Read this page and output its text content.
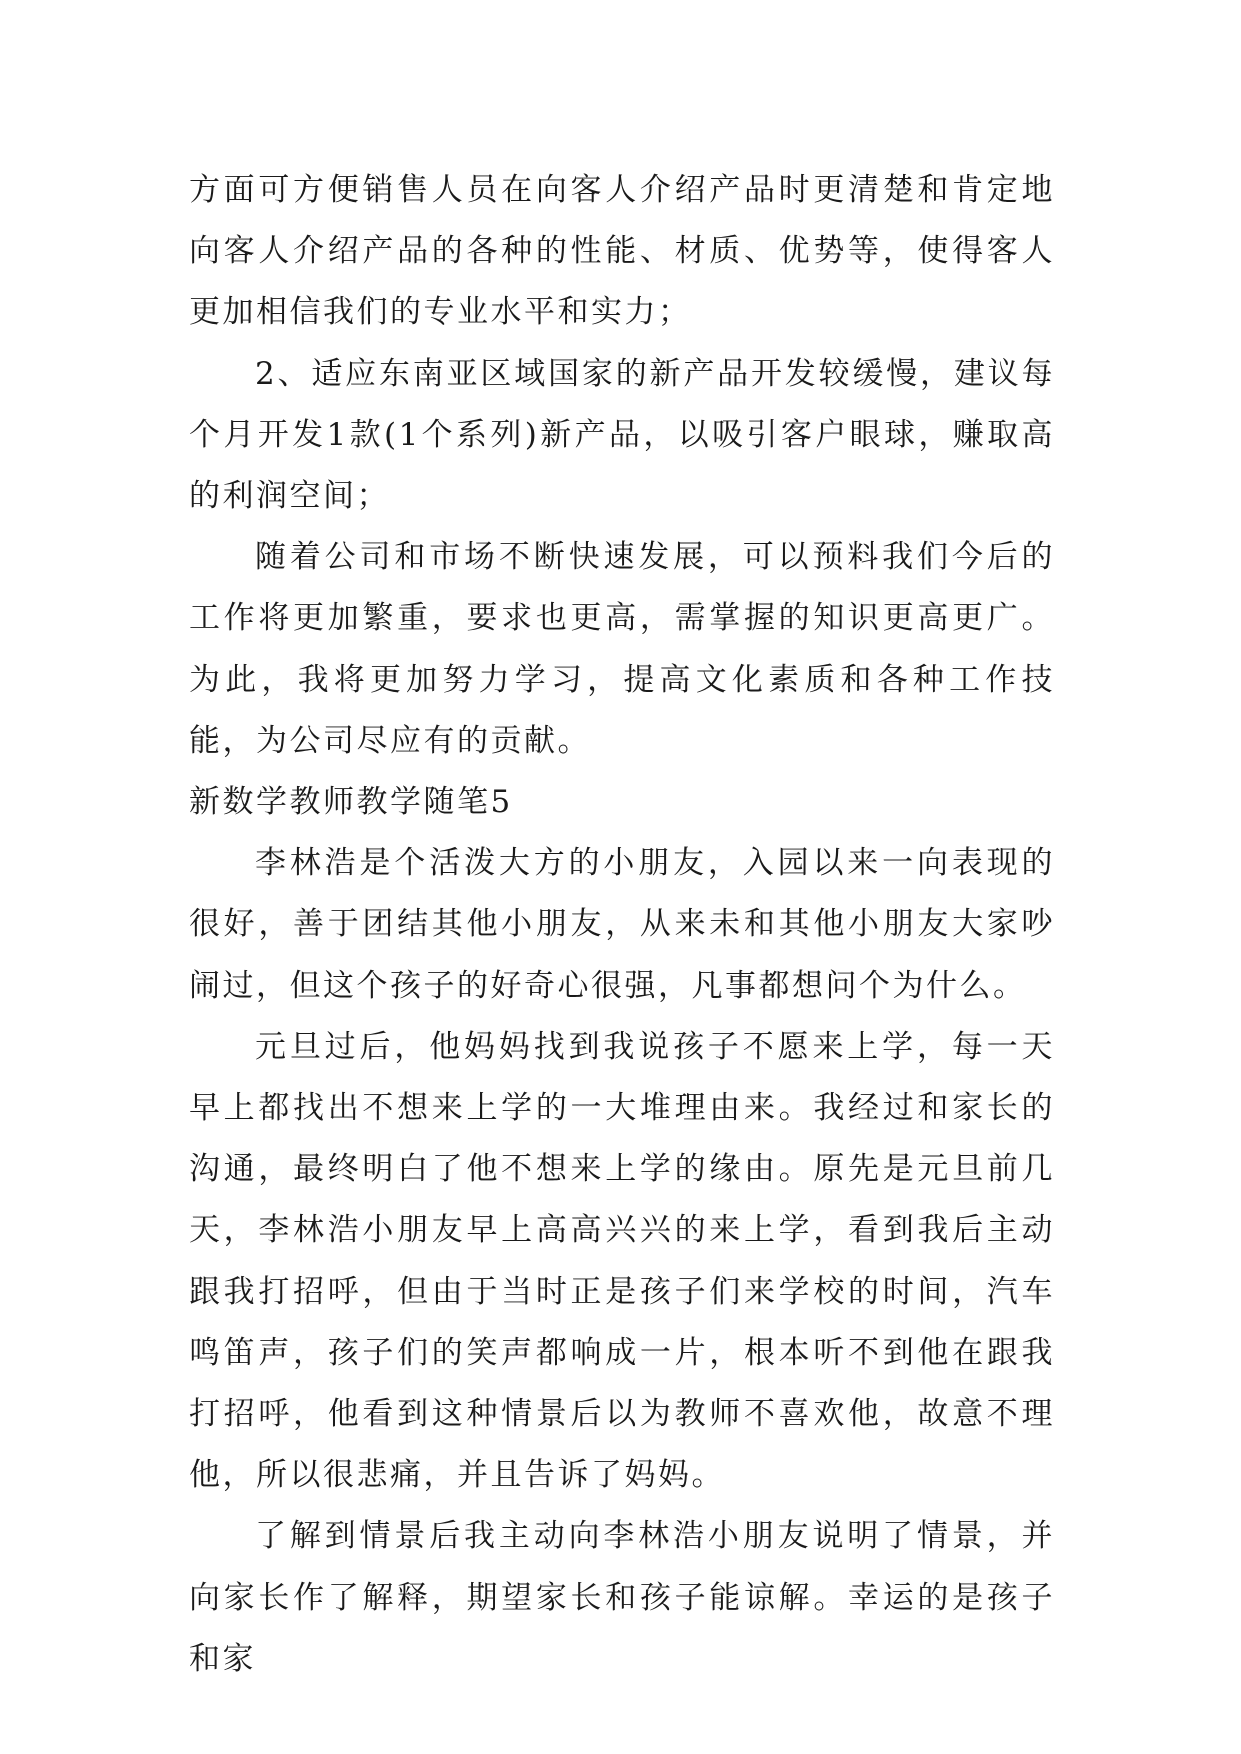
方面可方便销售人员在向客人介绍产品时更清楚和肯定地向客人介绍产品的各种的性能、材质、优势等，使得客人更加相信我们的专业水平和实力；

2、适应东南亚区域国家的新产品开发较缓慢，建议每个月开发1款(1个系列)新产品，以吸引客户眼球，赚取高的利润空间；

随着公司和市场不断快速发展，可以预料我们今后的工作将更加繁重，要求也更高，需掌握的知识更高更广。为此，我将更加努力学习，提高文化素质和各种工作技能，为公司尽应有的贡献。

新数学教师教学随笔5

李林浩是个活泼大方的小朋友，入园以来一向表现的很好，善于团结其他小朋友，从来未和其他小朋友大家吵闹过，但这个孩子的好奇心很强，凡事都想问个为什么。

元旦过后，他妈妈找到我说孩子不愿来上学，每一天早上都找出不想来上学的一大堆理由来。我经过和家长的沟通，最终明白了他不想来上学的缘由。原先是元旦前几天，李林浩小朋友早上高高兴兴的来上学，看到我后主动跟我打招呼，但由于当时正是孩子们来学校的时间，汽车鸣笛声，孩子们的笑声都响成一片，根本听不到他在跟我打招呼，他看到这种情景后以为教师不喜欢他，故意不理他，所以很悲痛，并且告诉了妈妈。

了解到情景后我主动向李林浩小朋友说明了情景，并向家长作了解释，期望家长和孩子能谅解。幸运的是孩子和家
